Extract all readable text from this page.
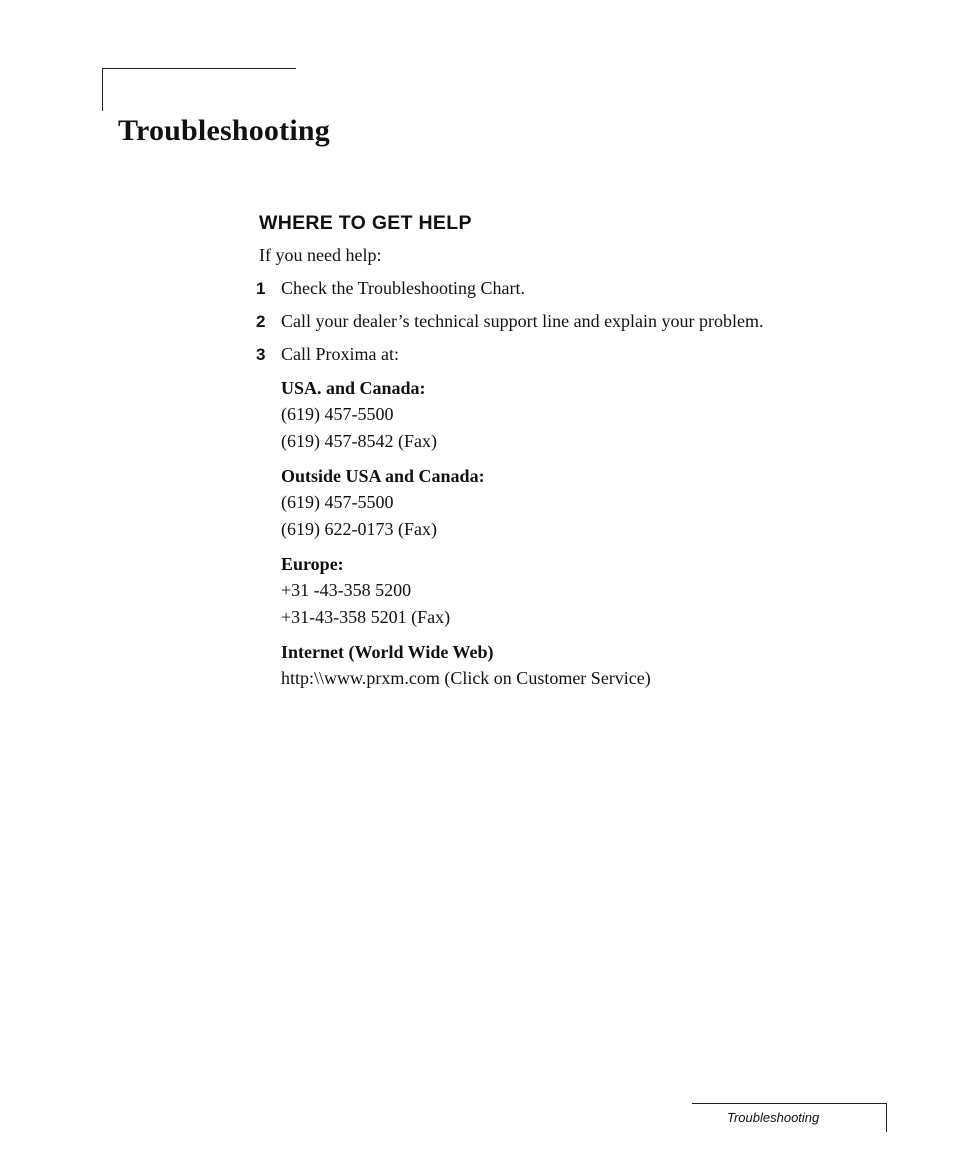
Troubleshooting
WHERE TO GET HELP

If you need help:

1 Check the Troubleshooting Chart.
2 Call your dealer’s technical support line and explain your problem.
3 Call Proxima at:
USA. and Canada:
(619) 457-5500
(619) 457-8542 (Fax)
Outside USA and Canada:
(619) 457-5500
(619) 622-0173 (Fax)
Europe:
+31 -43-358 5200
+31-43-358 5201 (Fax)
Internet (World Wide Web)
http:\\www.prxm.com (Click on Customer Service)
Troubleshooting
